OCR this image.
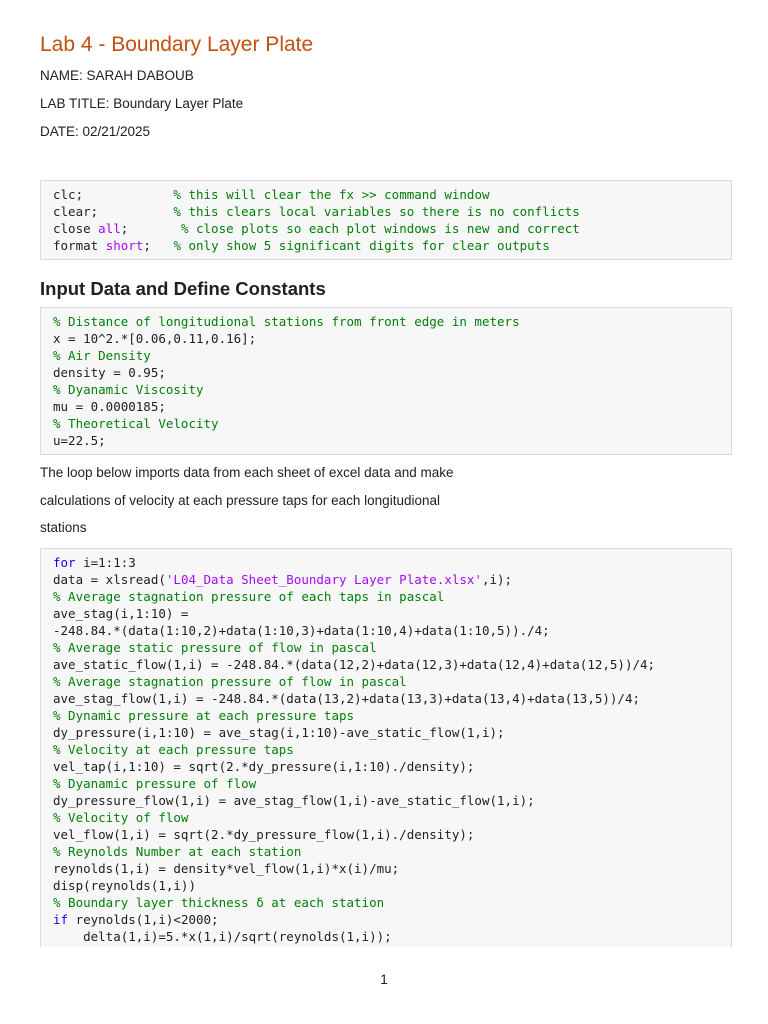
Lab 4 - Boundary Layer Plate
NAME: SARAH DABOUB
LAB TITLE: Boundary Layer Plate
DATE: 02/21/2025
clc;            % this will clear the fx >> command window
clear;          % this clears local variables so there is no conflicts
close all;       % close plots so each plot windows is new and correct
format short;   % only show 5 significant digits for clear outputs
Input Data and Define Constants
% Distance of longitudional stations from front edge in meters
x = 10^2.*[0.06,0.11,0.16];
% Air Density
density = 0.95;
% Dyanamic Viscosity
mu = 0.0000185;
% Theoretical Velocity
u=22.5;
The loop below imports data from each sheet of excel data and make
calculations of velocity at each pressure taps for each longitudional
stations
for i=1:1:3
data = xlsread('L04_Data Sheet_Boundary Layer Plate.xlsx',i);
% Average stagnation pressure of each taps in pascal
ave_stag(i,1:10) =
-248.84.*(data(1:10,2)+data(1:10,3)+data(1:10,4)+data(1:10,5))./4;
% Average static pressure of flow in pascal
ave_static_flow(1,i) = -248.84.*(data(12,2)+data(12,3)+data(12,4)+data(12,5))/4;
% Average stagnation pressure of flow in pascal
ave_stag_flow(1,i) = -248.84.*(data(13,2)+data(13,3)+data(13,4)+data(13,5))/4;
% Dynamic pressure at each pressure taps
dy_pressure(i,1:10) = ave_stag(i,1:10)-ave_static_flow(1,i);
% Velocity at each pressure taps
vel_tap(i,1:10) = sqrt(2.*dy_pressure(i,1:10)./density);
% Dyanamic pressure of flow
dy_pressure_flow(1,i) = ave_stag_flow(1,i)-ave_static_flow(1,i);
% Velocity of flow
vel_flow(1,i) = sqrt(2.*dy_pressure_flow(1,i)./density);
% Reynolds Number at each station
reynolds(1,i) = density*vel_flow(1,i)*x(i)/mu;
disp(reynolds(1,i))
% Boundary layer thickness δ at each station
if reynolds(1,i)<2000;
delta(1,i)=5.*x(1,i)/sqrt(reynolds(1,i));
1
